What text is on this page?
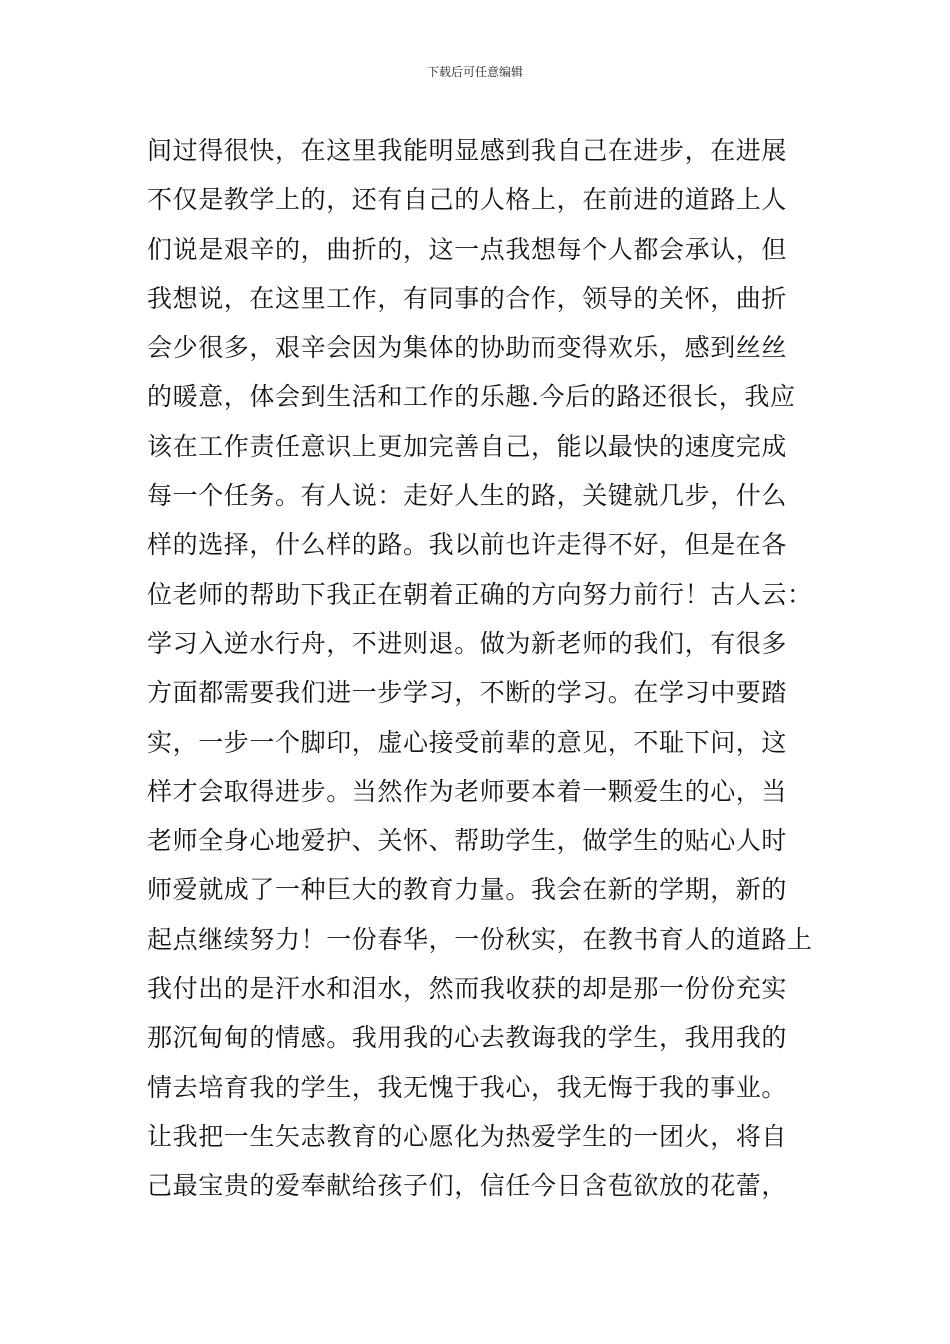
下载后可任意编辑
间过得很快，在这里我能明显感到我自己在进步，在进展
不仅是教学上的，还有自己的人格上，在前进的道路上人
们说是艰辛的，曲折的，这一点我想每个人都会承认，但
我想说，在这里工作，有同事的合作，领导的关怀，曲折
会少很多，艰辛会因为集体的协助而变得欢乐，感到丝丝
的暖意，体会到生活和工作的乐趣.今后的路还很长，我应
该在工作责任意识上更加完善自己，能以最快的速度完成
每一个任务。有人说：走好人生的路，关键就几步，什么
样的选择，什么样的路。我以前也许走得不好，但是在各
位老师的帮助下我正在朝着正确的方向努力前行！古人云：
学习入逆水行舟，不进则退。做为新老师的我们，有很多
方面都需要我们进一步学习，不断的学习。在学习中要踏
实，一步一个脚印，虚心接受前辈的意见，不耻下问，这
样才会取得进步。当然作为老师要本着一颗爱生的心，当
老师全身心地爱护、关怀、帮助学生，做学生的贴心人时
师爱就成了一种巨大的教育力量。我会在新的学期，新的
起点继续努力！一份春华，一份秋实，在教书育人的道路上
我付出的是汗水和泪水，然而我收获的却是那一份份充实
那沉甸甸的情感。我用我的心去教诲我的学生，我用我的
情去培育我的学生，我无愧于我心，我无悔于我的事业。
让我把一生矢志教育的心愿化为热爱学生的一团火，将自
己最宝贵的爱奉献给孩子们，信任今日含苞欲放的花蕾，
